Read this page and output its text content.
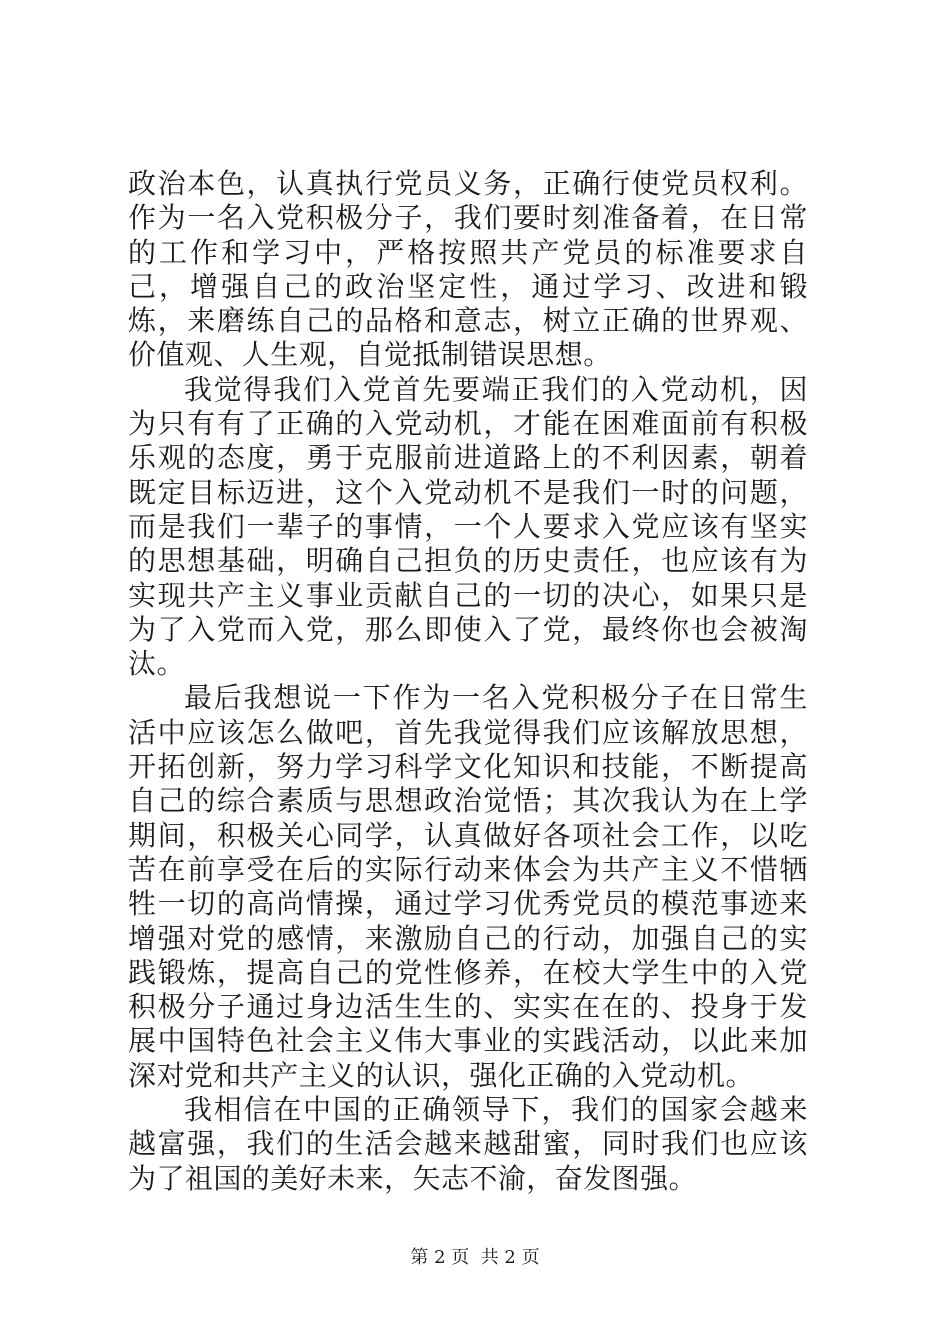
政治本色，认真执行党员义务，正确行使党员权利。作为一名入党积极分子，我们要时刻准备着，在日常的工作和学习中，严格按照共产党员的标准要求自己，增强自己的政治坚定性，通过学习、改进和锻炼，来磨练自己的品格和意志，树立正确的世界观、价值观、人生观，自觉抵制错误思想。

我觉得我们入党首先要端正我们的入党动机，因为只有有了正确的入党动机，才能在困难面前有积极乐观的态度，勇于克服前进道路上的不利因素，朝着既定目标迈进，这个入党动机不是我们一时的问题，而是我们一辈子的事情，一个人要求入党应该有坚实的思想基础，明确自己担负的历史责任，也应该有为实现共产主义事业贡献自己的一切的决心，如果只是为了入党而入党，那么即使入了党，最终你也会被淘汰。

最后我想说一下作为一名入党积极分子在日常生活中应该怎么做吧，首先我觉得我们应该解放思想，开拓创新，努力学习科学文化知识和技能，不断提高自己的综合素质与思想政治觉悟；其次我认为在上学期间，积极关心同学，认真做好各项社会工作，以吃苦在前享受在后的实际行动来体会为共产主义不惜牺牲一切的高尚情操，通过学习优秀党员的模范事迹来增强对党的感情，来激励自己的行动，加强自己的实践锻炼，提高自己的党性修养，在校大学生中的入党积极分子通过身边活生生的、实实在在的、投身于发展中国特色社会主义伟大事业的实践活动，以此来加深对党和共产主义的认识，强化正确的入党动机。

我相信在中国的正确领导下，我们的国家会越来越富强，我们的生活会越来越甜蜜，同时我们也应该为了祖国的美好未来，矢志不渝，奋发图强。

第 2 页  共 2 页
